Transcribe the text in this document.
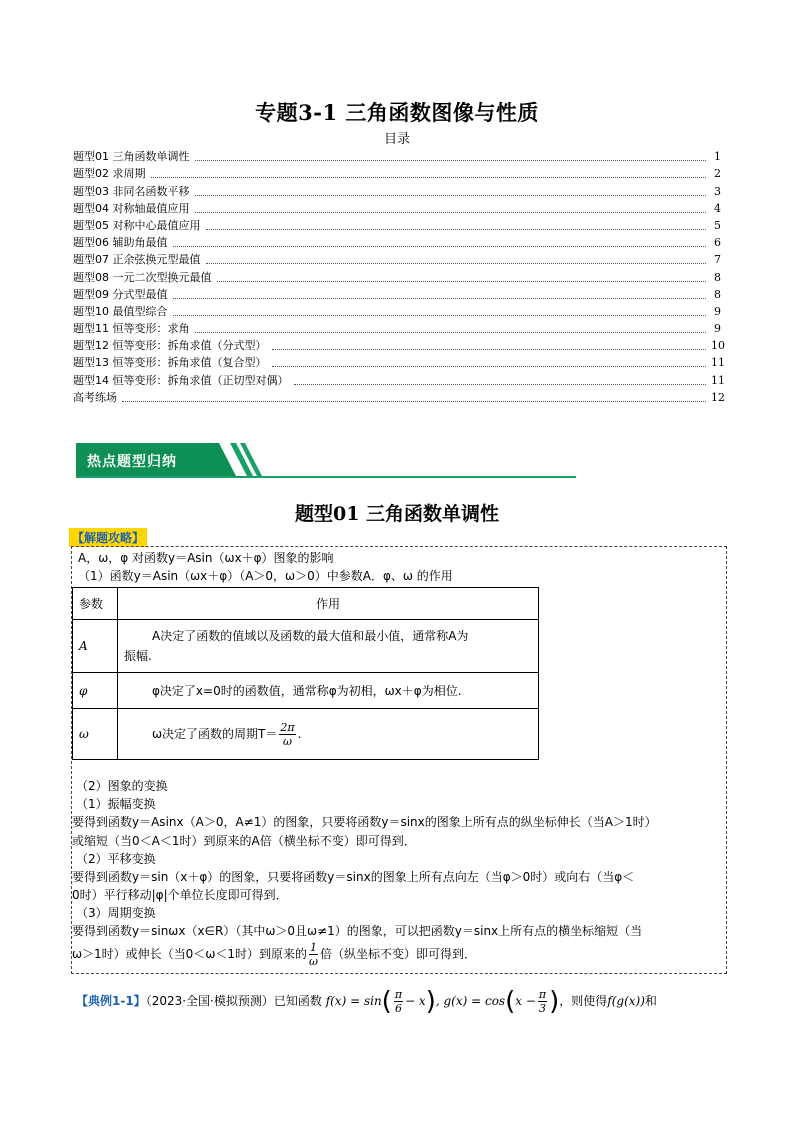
专题3-1 三角函数图像与性质
目录
题型01 三角函数单调性	1
题型02 求周期	2
题型03 非同名函数平移	3
题型04 对称轴最值应用	4
题型05 对称中心最值应用	5
题型06 辅助角最值	6
题型07 正余弦换元型最值	7
题型08 一元二次型换元最值	8
题型09 分式型最值	8
题型10 最值型综合	9
题型11 恒等变形：求角	9
题型12 恒等变形：拆角求值（分式型）	10
题型13 恒等变形：拆角求值（复合型）	11
题型14 恒等变形：拆角求值（正切型对偶）	11
高考练场	12
热点题型归纳
题型01 三角函数单调性
【解题攻略】
A，ω，φ 对函数y＝Asin（ωx＋φ）图象的影响
（1）函数y＝Asin（ωx＋φ）（A＞0，ω＞0）中参数A．φ、ω 的作用
参数	作用
A	A决定了函数的值域以及函数的最大值和最小值，通常称A为
振幅.
φ	φ决定了x=0时的函数值，通常称φ为初相，ωx＋φ为相位.
ω	ω决定了函数的周期$T= \frac{2\pi}{\omega}$ .
（2）图象的变换
（1）振幅变换
要得到函数y＝Asinx（A＞0，A≠1）的图象，只要将函数y＝sinx的图象上所有点的纵坐标伸长（当A＞1时）
或缩短（当0＜A＜1时）到原来的A倍（横坐标不变）即可得到．
（2）平移变换
要得到函数y＝sin（x＋φ）的图象，只要将函数y＝sinx的图象上所有点向左（当φ＞0时）或向右（当φ＜
0时）平行移动|φ|个单位长度即可得到．
（3）周期变换
要得到函数y＝sinωx（x∈R）（其中ω＞0且ω≠1）的图象，可以把函数y＝sinx上所有点的横坐标缩短（当
ω＞1时）或伸长（当0＜ω＜1时）到原来的 $\frac{1}{\omega}$ 倍（纵坐标不变）即可得到．
【典例1-1】（2023·全国·模拟预测）已知函数 $f(x) = \sin( \frac{\pi}{6} - x)$, $g(x) = \cos(x - \frac{\pi}{3}$ )，则使得f(g(x))和
